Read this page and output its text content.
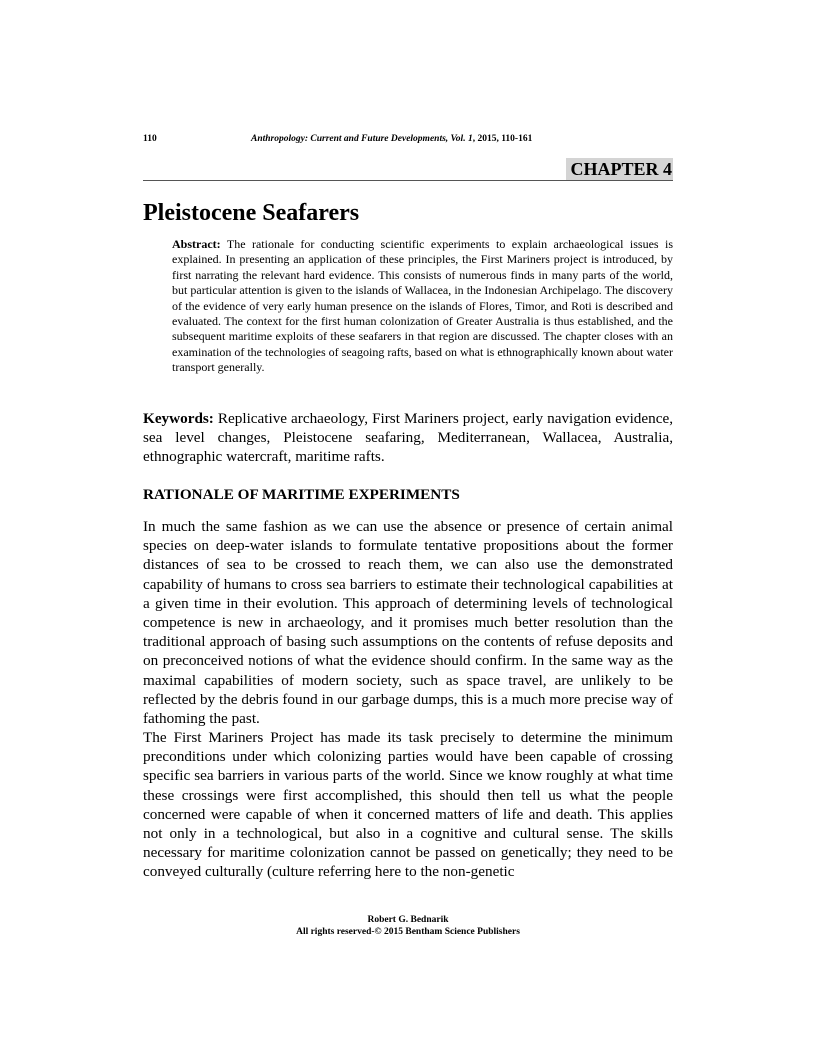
110	Anthropology: Current and Future Developments, Vol. 1, 2015, 110-161
CHAPTER 4
Pleistocene Seafarers
Abstract: The rationale for conducting scientific experiments to explain archaeological issues is explained. In presenting an application of these principles, the First Mariners project is introduced, by first narrating the relevant hard evidence. This consists of numerous finds in many parts of the world, but particular attention is given to the islands of Wallacea, in the Indonesian Archipelago. The discovery of the evidence of very early human presence on the islands of Flores, Timor, and Roti is described and evaluated. The context for the first human colonization of Greater Australia is thus established, and the subsequent maritime exploits of these seafarers in that region are discussed. The chapter closes with an examination of the technologies of seagoing rafts, based on what is ethnographically known about water transport generally.
Keywords: Replicative archaeology, First Mariners project, early navigation evidence, sea level changes, Pleistocene seafaring, Mediterranean, Wallacea, Australia, ethnographic watercraft, maritime rafts.
RATIONALE OF MARITIME EXPERIMENTS
In much the same fashion as we can use the absence or presence of certain animal species on deep-water islands to formulate tentative propositions about the former distances of sea to be crossed to reach them, we can also use the demonstrated capability of humans to cross sea barriers to estimate their technological capabilities at a given time in their evolution. This approach of determining levels of technological competence is new in archaeology, and it promises much better resolution than the traditional approach of basing such assumptions on the contents of refuse deposits and on preconceived notions of what the evidence should confirm. In the same way as the maximal capabilities of modern society, such as space travel, are unlikely to be reflected by the debris found in our garbage dumps, this is a much more precise way of fathoming the past.
The First Mariners Project has made its task precisely to determine the minimum preconditions under which colonizing parties would have been capable of crossing specific sea barriers in various parts of the world. Since we know roughly at what time these crossings were first accomplished, this should then tell us what the people concerned were capable of when it concerned matters of life and death. This applies not only in a technological, but also in a cognitive and cultural sense. The skills necessary for maritime colonization cannot be passed on genetically; they need to be conveyed culturally (culture referring here to the non-genetic
Robert G. Bednarik
All rights reserved-© 2015 Bentham Science Publishers
